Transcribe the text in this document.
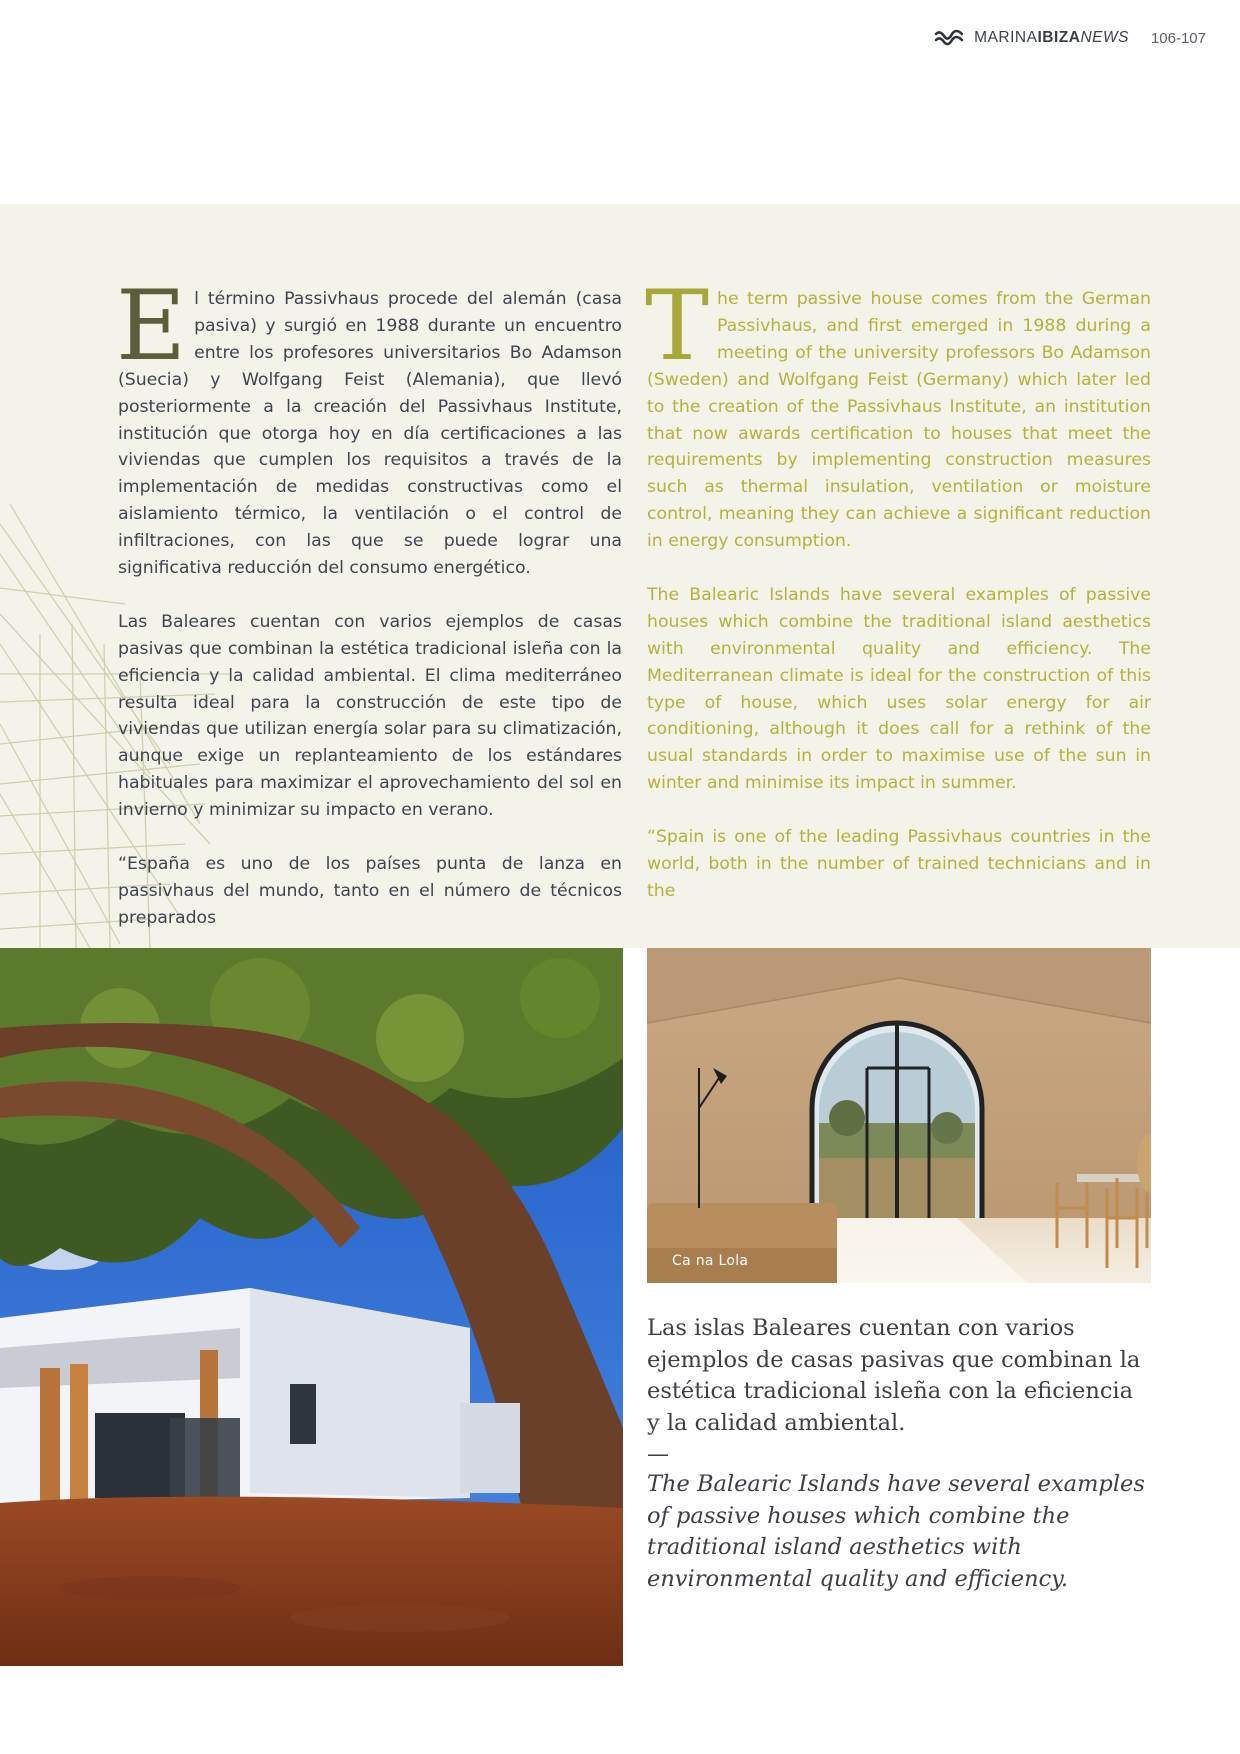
MARINAIBIZANEWS 106-107

El término Passivhaus procede del alemán (casa pasiva) y surgió en 1988 durante un encuentro entre los profesores universitarios Bo Adamson (Suecia) y Wolfgang Feist (Alemania), que llevó posteriormente a la creación del Passivhaus Institute, institución que otorga hoy en día certificaciones a las viviendas que cumplen los requisitos a través de la implementación de medidas constructivas como el aislamiento térmico, la ventilación o el control de infiltraciones, con las que se puede lograr una significativa reducción del consumo energético.

Las Baleares cuentan con varios ejemplos de casas pasivas que combinan la estética tradicional isleña con la eficiencia y la calidad ambiental. El clima mediterráneo resulta ideal para la construcción de este tipo de viviendas que utilizan energía solar para su climatización, aunque exige un replanteamiento de los estándares habituales para maximizar el aprovechamiento del sol en invierno y minimizar su impacto en verano.

“España es uno de los países punta de lanza en passivhaus del mundo, tanto en el número de técnicos preparados

The term passive house comes from the German Passivhaus, and first emerged in 1988 during a meeting of the university professors Bo Adamson (Sweden) and Wolfgang Feist (Germany) which later led to the creation of the Passivhaus Institute, an institution that now awards certification to houses that meet the requirements by implementing construction measures such as thermal insulation, ventilation or moisture control, meaning they can achieve a significant reduction in energy consumption.

The Balearic Islands have several examples of passive houses which combine the traditional island aesthetics with environmental quality and efficiency. The Mediterranean climate is ideal for the construction of this type of house, which uses solar energy for air conditioning, although it does call for a rethink of the usual standards in order to maximise use of the sun in winter and minimise its impact in summer.

“Spain is one of the leading Passivhaus countries in the world, both in the number of trained technicians and in the

Ca na Lola

Las islas Baleares cuentan con varios ejemplos de casas pasivas que combinan la estética tradicional isleña con la eficiencia y la calidad ambiental.

—

The Balearic Islands have several examples of passive houses which combine the traditional island aesthetics with environmental quality and efficiency.
